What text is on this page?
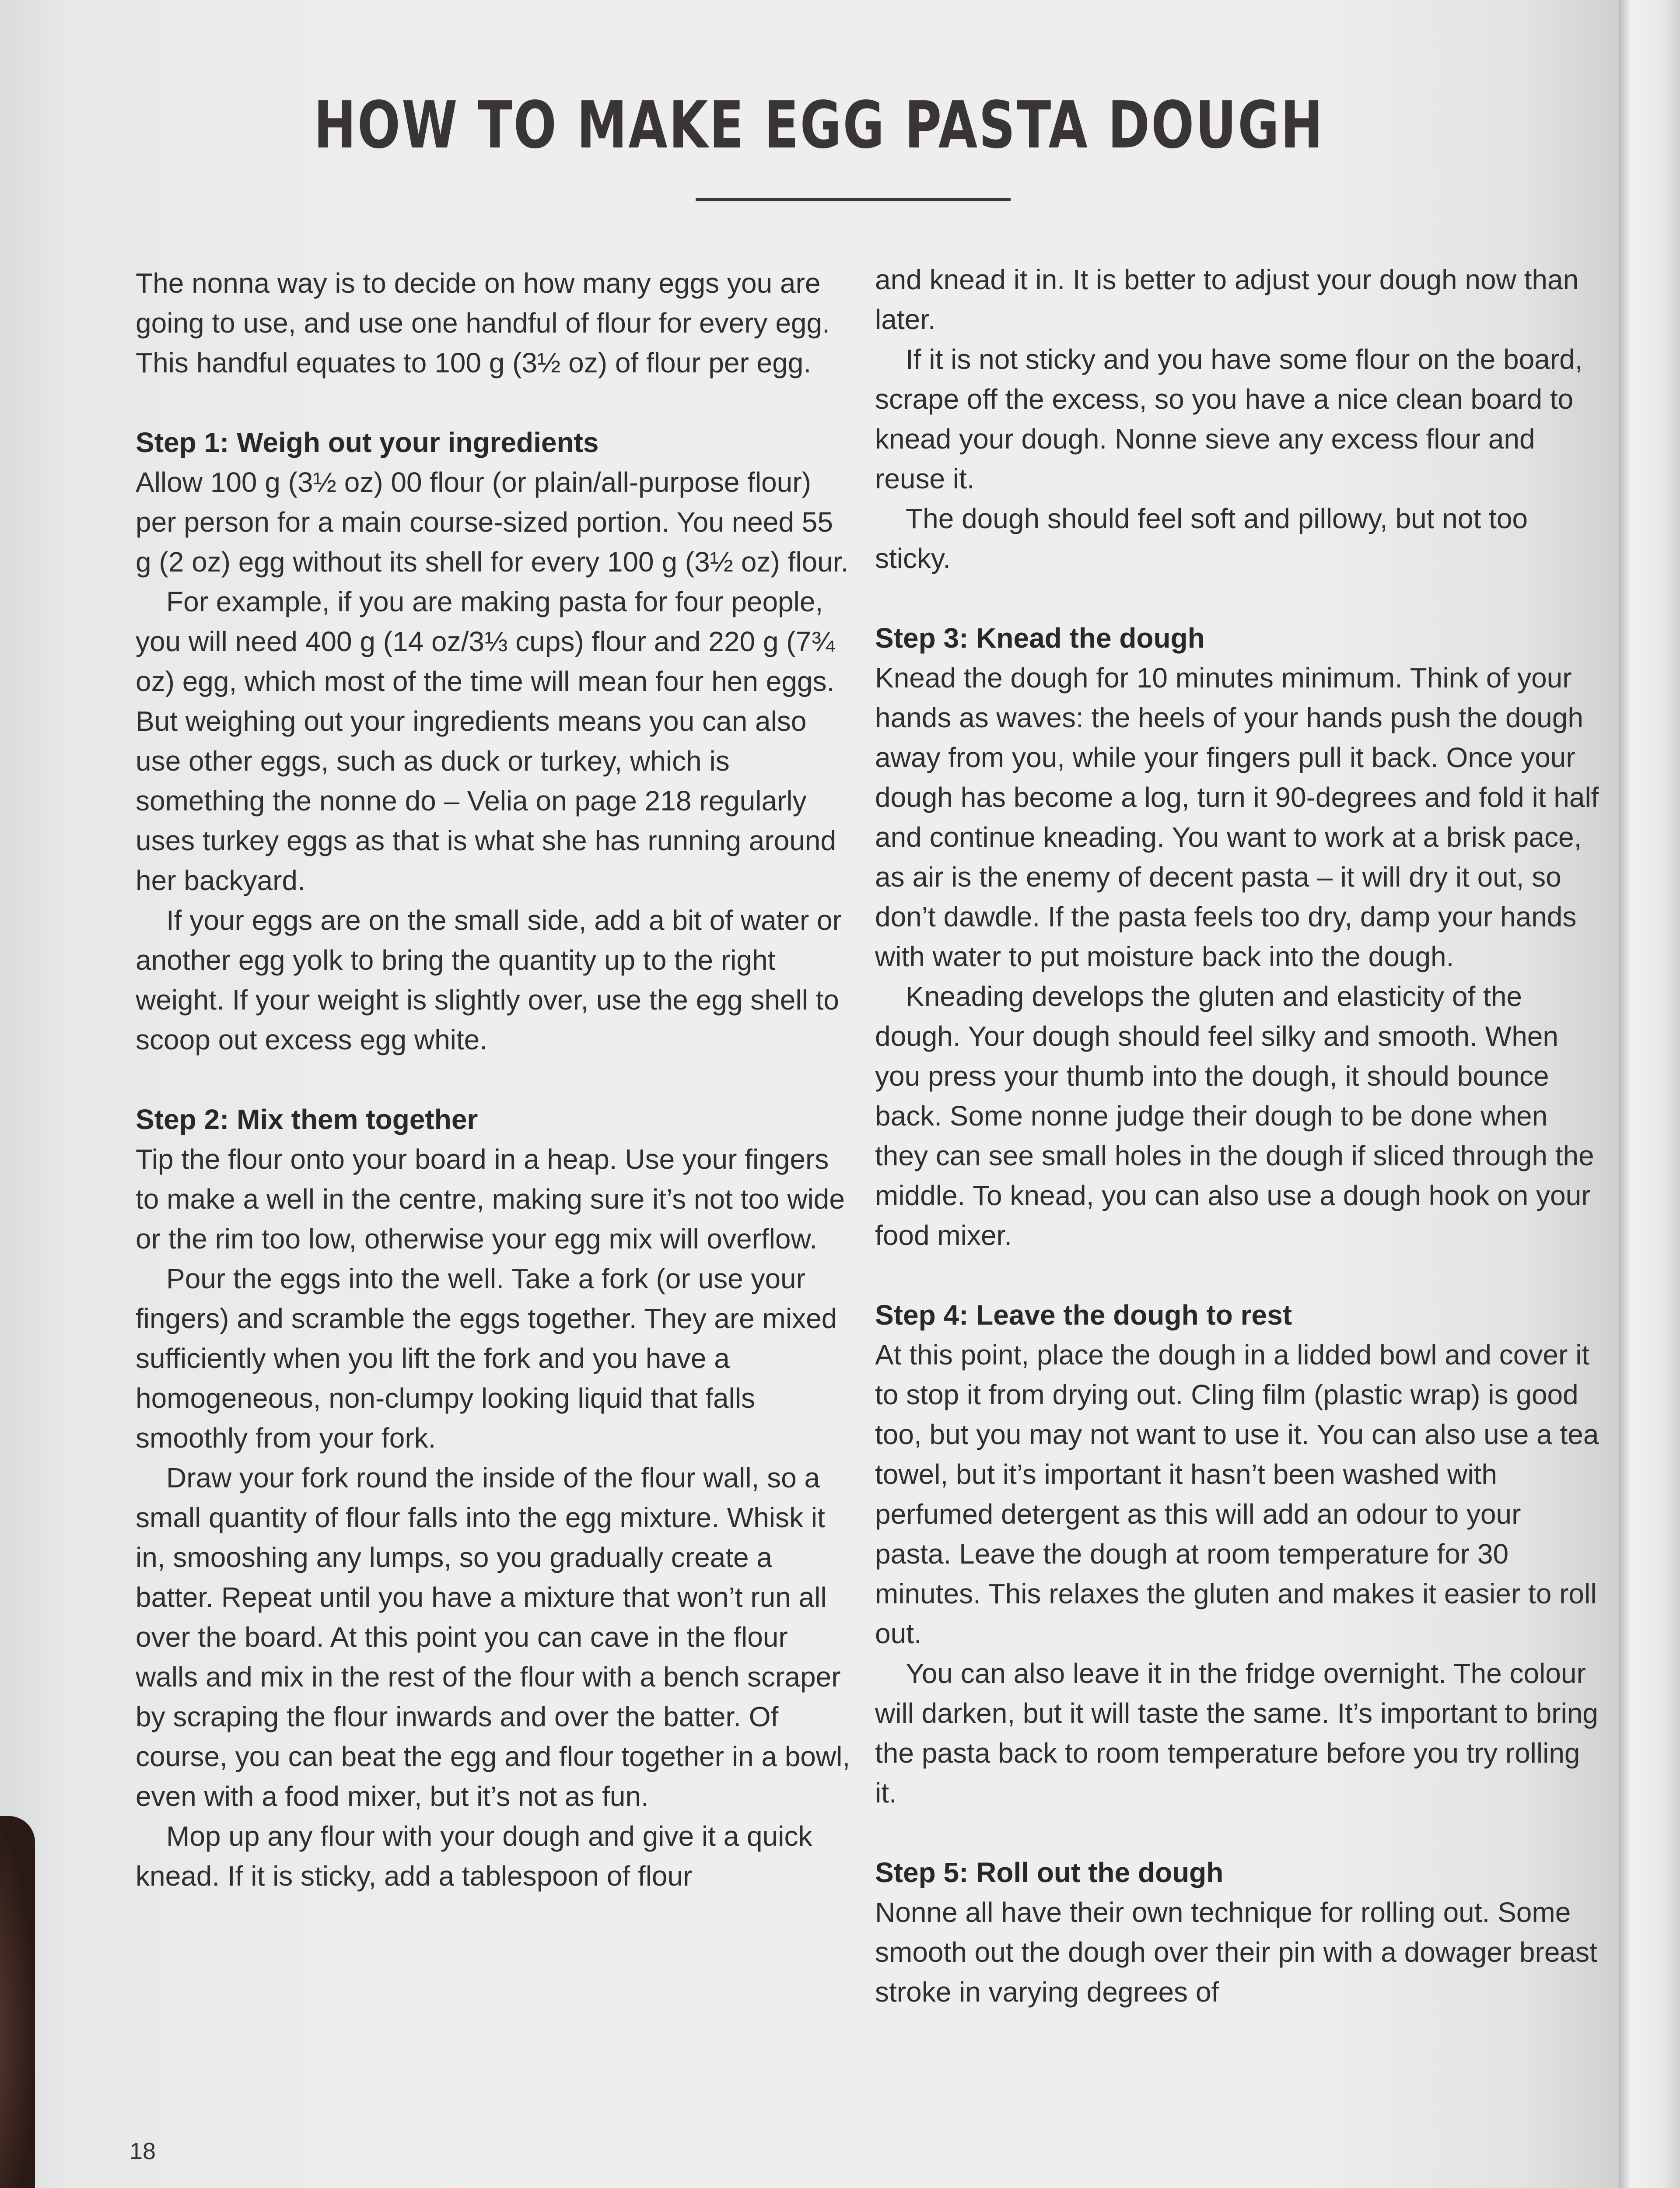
HOW TO MAKE EGG PASTA DOUGH

The nonna way is to decide on how many eggs you are going to use, and use one handful of flour for every egg. This handful equates to 100 g (3½ oz) of flour per egg.

Step 1: Weigh out your ingredients

Allow 100 g (3½ oz) 00 flour (or plain/all-purpose flour) per person for a main course-sized portion. You need 55 g (2 oz) egg without its shell for every 100 g (3½ oz) flour.

For example, if you are making pasta for four people, you will need 400 g (14 oz/3⅓ cups) flour and 220 g (7¾ oz) egg, which most of the time will mean four hen eggs. But weighing out your ingredients means you can also use other eggs, such as duck or turkey, which is something the nonne do – Velia on page 218 regularly uses turkey eggs as that is what she has running around her backyard.

If your eggs are on the small side, add a bit of water or another egg yolk to bring the quantity up to the right weight. If your weight is slightly over, use the egg shell to scoop out excess egg white.

Step 2: Mix them together

Tip the flour onto your board in a heap. Use your fingers to make a well in the centre, making sure it’s not too wide or the rim too low, otherwise your egg mix will overflow.

Pour the eggs into the well. Take a fork (or use your fingers) and scramble the eggs together. They are mixed sufficiently when you lift the fork and you have a homogeneous, non-clumpy looking liquid that falls smoothly from your fork.

Draw your fork round the inside of the flour wall, so a small quantity of flour falls into the egg mixture. Whisk it in, smooshing any lumps, so you gradually create a batter. Repeat until you have a mixture that won’t run all over the board. At this point you can cave in the flour walls and mix in the rest of the flour with a bench scraper by scraping the flour inwards and over the batter. Of course, you can beat the egg and flour together in a bowl, even with a food mixer, but it’s not as fun.

Mop up any flour with your dough and give it a quick knead. If it is sticky, add a tablespoon of flour

and knead it in. It is better to adjust your dough now than later.

If it is not sticky and you have some flour on the board, scrape off the excess, so you have a nice clean board to knead your dough. Nonne sieve any excess flour and reuse it.

The dough should feel soft and pillowy, but not too sticky.

Step 3: Knead the dough

Knead the dough for 10 minutes minimum. Think of your hands as waves: the heels of your hands push the dough away from you, while your fingers pull it back. Once your dough has become a log, turn it 90-degrees and fold it half and continue kneading. You want to work at a brisk pace, as air is the enemy of decent pasta – it will dry it out, so don’t dawdle. If the pasta feels too dry, damp your hands with water to put moisture back into the dough.

Kneading develops the gluten and elasticity of the dough. Your dough should feel silky and smooth. When you press your thumb into the dough, it should bounce back. Some nonne judge their dough to be done when they can see small holes in the dough if sliced through the middle. To knead, you can also use a dough hook on your food mixer.

Step 4: Leave the dough to rest

At this point, place the dough in a lidded bowl and cover it to stop it from drying out. Cling film (plastic wrap) is good too, but you may not want to use it. You can also use a tea towel, but it’s important it hasn’t been washed with perfumed detergent as this will add an odour to your pasta. Leave the dough at room temperature for 30 minutes. This relaxes the gluten and makes it easier to roll out.

You can also leave it in the fridge overnight. The colour will darken, but it will taste the same. It’s important to bring the pasta back to room temperature before you try rolling it.

Step 5: Roll out the dough

Nonne all have their own technique for rolling out. Some smooth out the dough over their pin with a dowager breast stroke in varying degrees of

18
